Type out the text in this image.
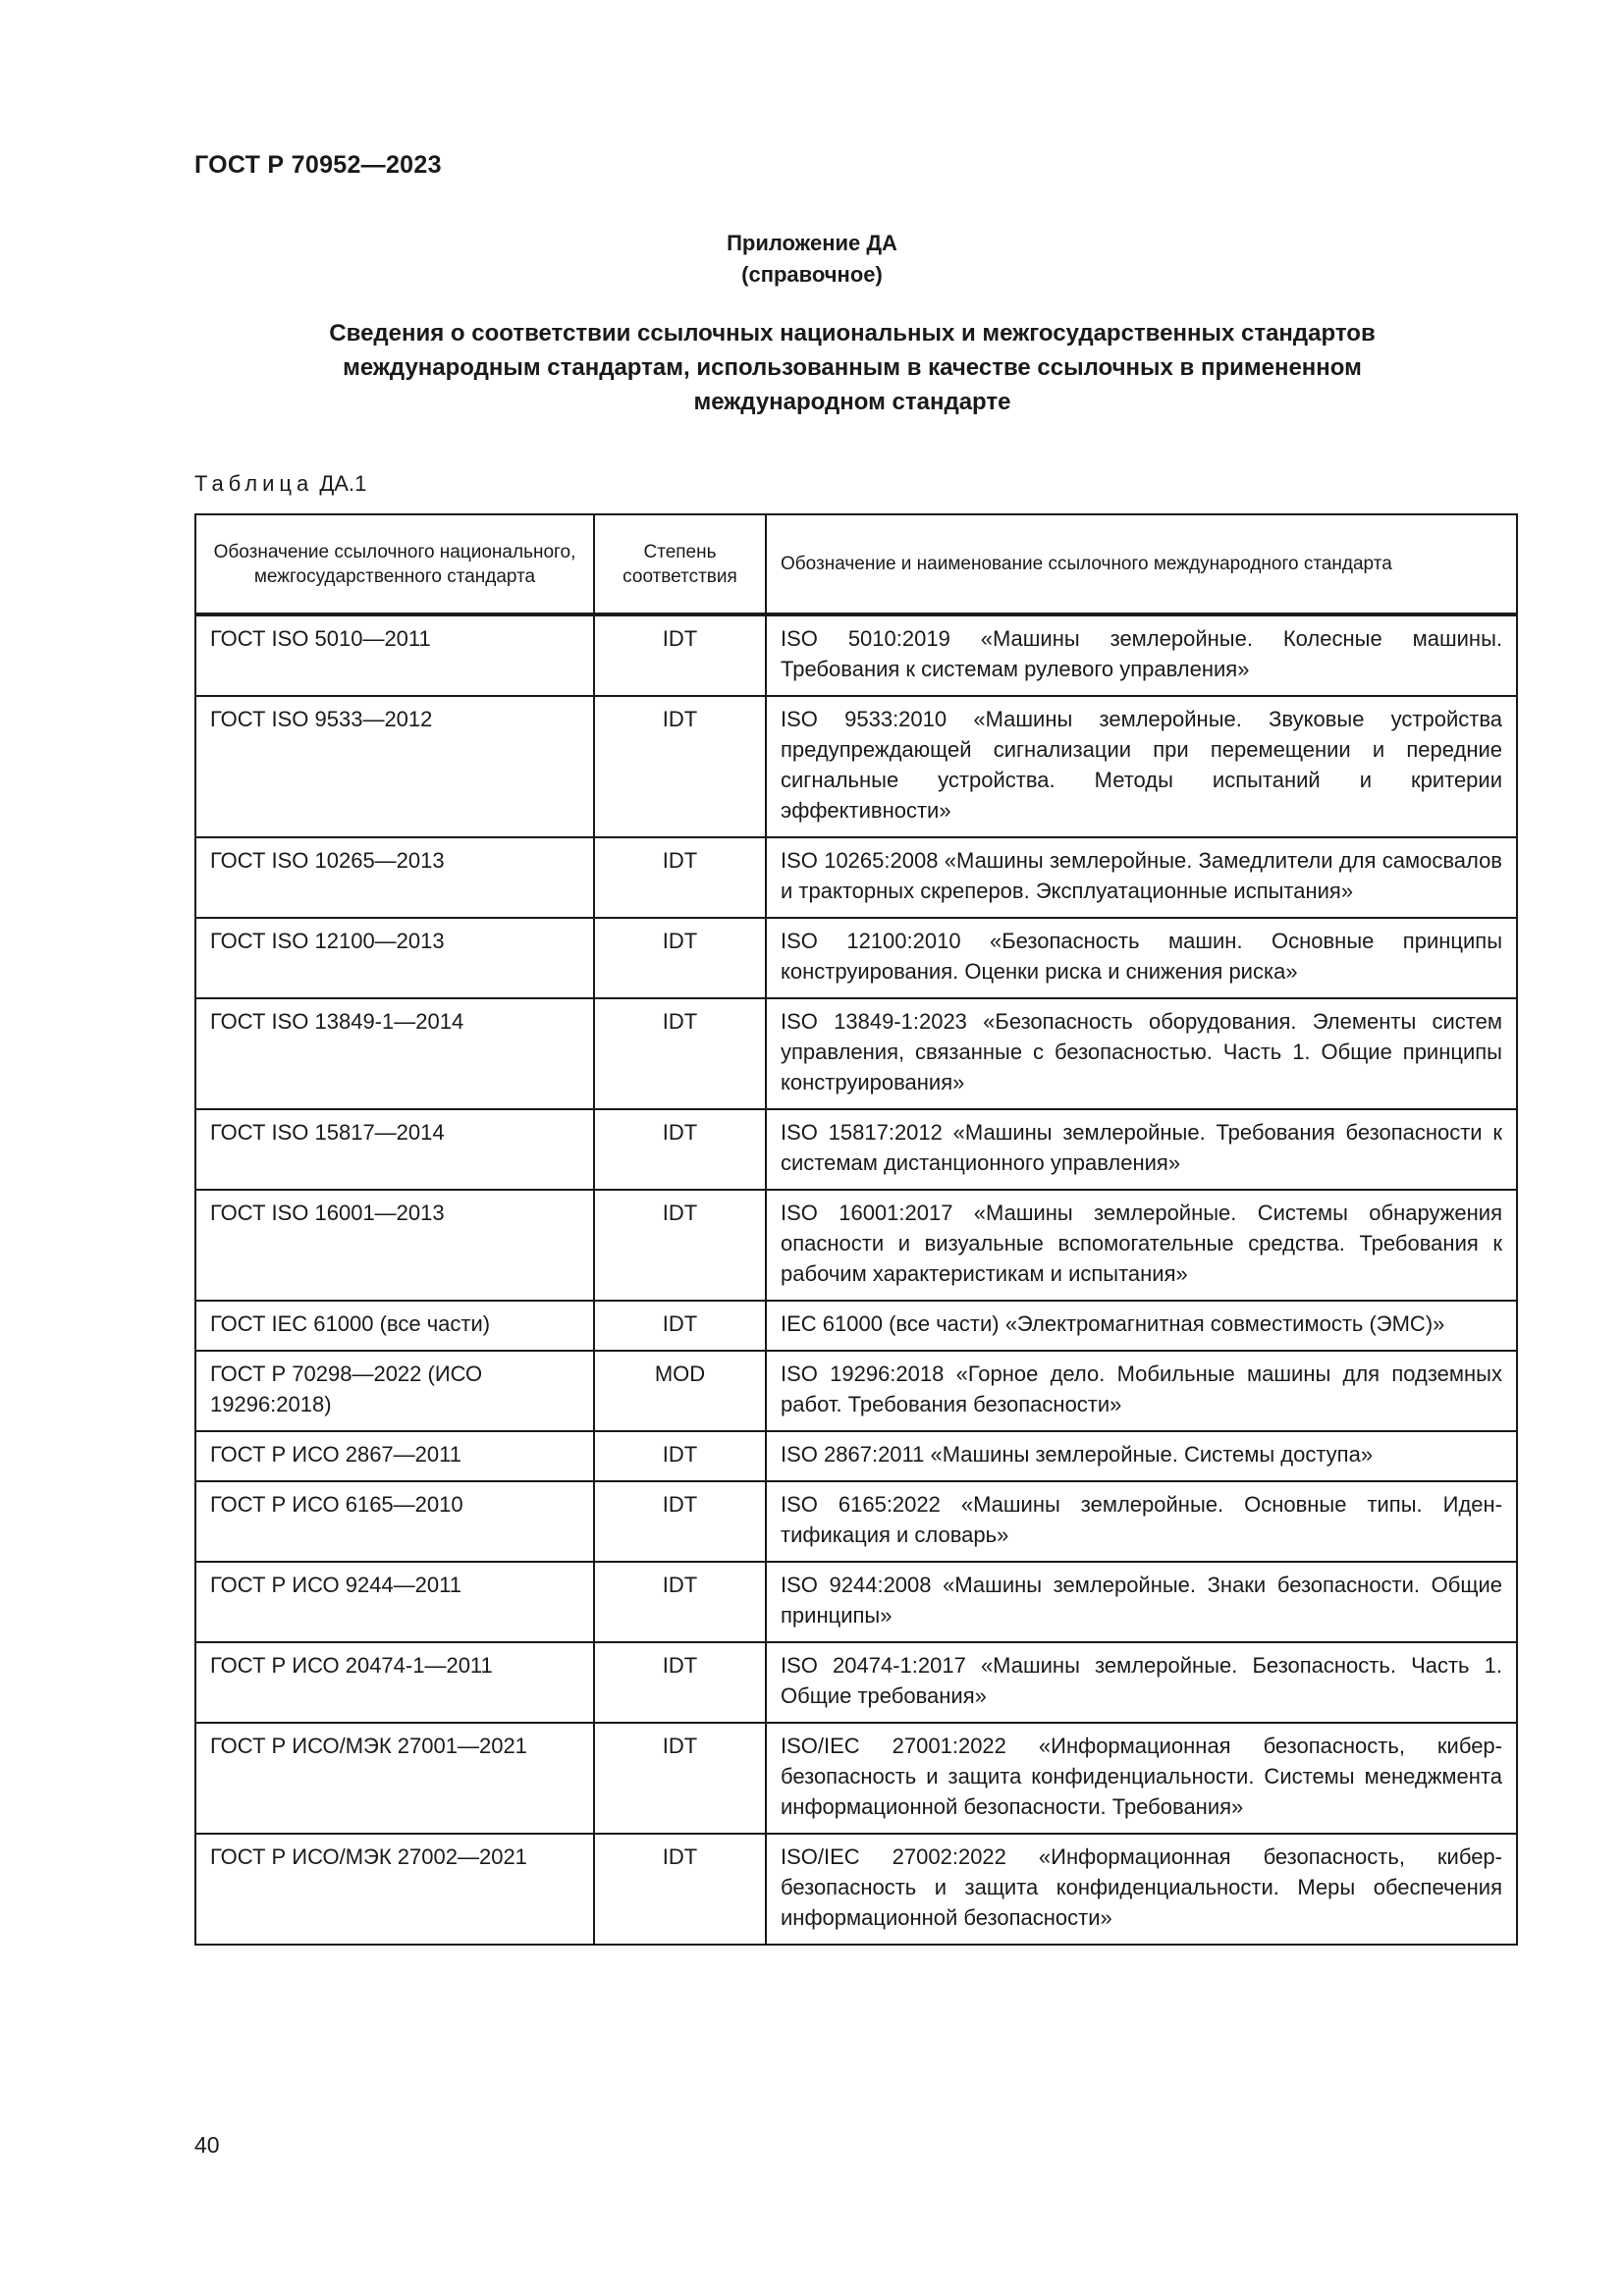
ГОСТ Р 70952—2023
Приложение ДА
(справочное)
Сведения о соответствии ссылочных национальных и межгосударственных стандартов
международным стандартам, использованным в качестве ссылочных в примененном
международном стандарте
Таблица ДА.1
Обозначение ссылочного национального, межгосударственного стандарта	Степень соответствия	Обозначение и наименование ссылочного международного стандарта
ГОСТ ISO 5010—2011	IDT	ISO 5010:2019 «Машины землеройные. Колесные машины. Требования к системам рулевого управления»
ГОСТ ISO 9533—2012	IDT	ISO 9533:2010 «Машины землеройные. Звуковые устройства предупреждающей сигнализации при перемещении и передние сигнальные устройства. Методы испытаний и критерии эффективности»
ГОСТ ISO 10265—2013	IDT	ISO 10265:2008 «Машины землеройные. Замедлители для самосвалов и тракторных скреперов. Эксплуатационные испытания»
ГОСТ ISO 12100—2013	IDT	ISO 12100:2010 «Безопасность машин. Основные принципы конструирования. Оценки риска и снижения риска»
ГОСТ ISO 13849-1—2014	IDT	ISO 13849-1:2023 «Безопасность оборудования. Элементы систем управления, связанные с безопасностью. Часть 1. Общие принципы конструирования»
ГОСТ ISO 15817—2014	IDT	ISO 15817:2012 «Машины землеройные. Требования безопасности к системам дистанционного управления»
ГОСТ ISO 16001—2013	IDT	ISO 16001:2017 «Машины землеройные. Системы обнаружения опасности и визуальные вспомогательные средства. Требования к рабочим характеристикам и испытания»
ГОСТ IEC 61000 (все части)	IDT	IEC 61000 (все части) «Электромагнитная совместимость (ЭМС)»
ГОСТ Р 70298—2022 (ИСО 19296:2018)	MOD	ISO 19296:2018 «Горное дело. Мобильные машины для подземных работ. Требования безопасности»
ГОСТ Р ИСО 2867—2011	IDT	ISO 2867:2011 «Машины землеройные. Системы доступа»
ГОСТ Р ИСО 6165—2010	IDT	ISO 6165:2022 «Машины землеройные. Основные типы. Идентификация и словарь»
ГОСТ Р ИСО 9244—2011	IDT	ISO 9244:2008 «Машины землеройные. Знаки безопасности. Общие принципы»
ГОСТ Р ИСО 20474-1—2011	IDT	ISO 20474-1:2017 «Машины землеройные. Безопасность. Часть 1. Общие требования»
ГОСТ Р ИСО/МЭК 27001—2021	IDT	ISO/IEC 27001:2022 «Информационная безопасность, кибербезопасность и защита конфиденциальности. Системы менеджмента информационной безопасности. Требования»
ГОСТ Р ИСО/МЭК 27002—2021	IDT	ISO/IEC 27002:2022 «Информационная безопасность, кибербезопасность и защита конфиденциальности. Меры обеспечения информационной безопасности»
40
